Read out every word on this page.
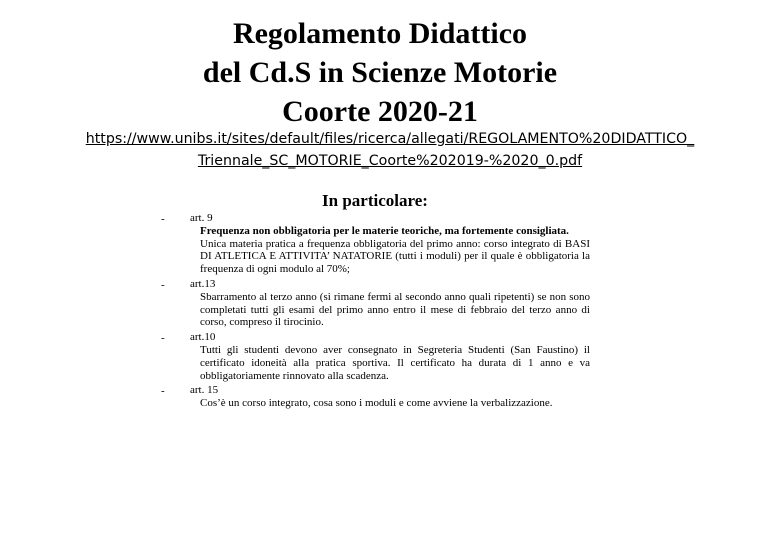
Regolamento Didattico
del Cd.S in Scienze Motorie
Coorte 2020-21
https://www.unibs.it/sites/default/files/ricerca/allegati/REGOLAMENTO%20DIDATTICO_
Triennale_SC_MOTORIE_Coorte%202019-%2020_0.pdf
In particolare:
- art. 9
Frequenza non obbligatoria per le materie teoriche, ma fortemente consigliata.
Unica materia pratica a frequenza obbligatoria del primo anno: corso integrato di BASI DI ATLETICA E ATTIVITA’ NATATORIE (tutti i moduli) per il quale è obbligatoria la frequenza di ogni modulo al 70%;
- art.13
Sbarramento al terzo anno (si rimane fermi al secondo anno quali ripetenti) se non sono completati tutti gli esami del primo anno entro il mese di febbraio del terzo anno di corso, compreso il tirocinio.
- art.10
Tutti gli studenti devono aver consegnato in Segreteria Studenti (San Faustino) il certificato idoneità alla pratica sportiva. Il certificato ha durata di 1 anno e va obbligatoriamente rinnovato alla scadenza.
- art. 15
Cos’è un corso integrato, cosa sono i moduli e come avviene la verbalizzazione.
